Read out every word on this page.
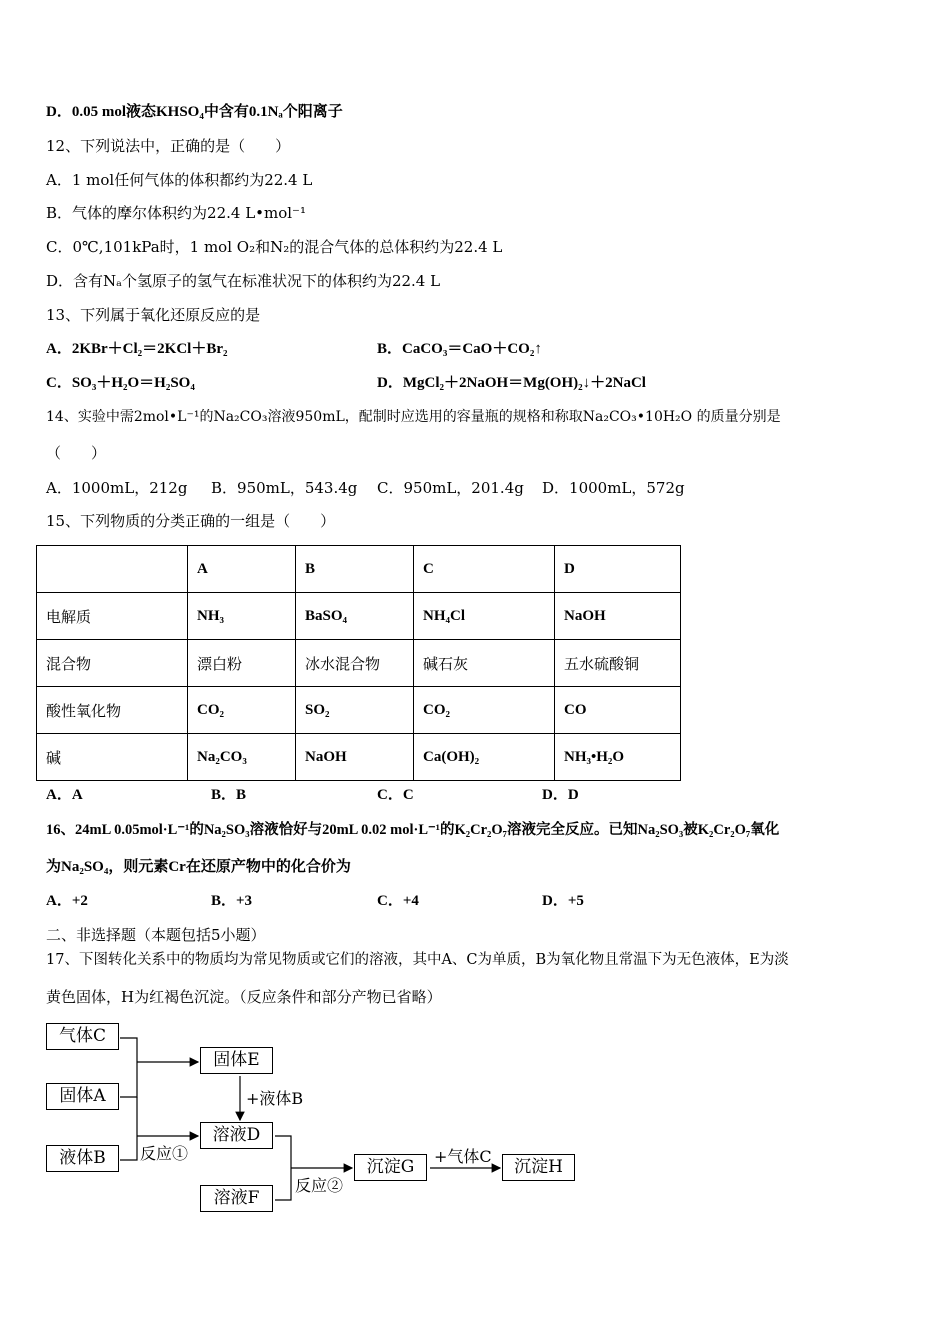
D．0.05 mol液态KHSO₄中含有0.1Nₐ个阳离子
12、下列说法中，正确的是（　　）
A．1 mol任何气体的体积都约为22.4 L
B．气体的摩尔体积约为22.4 L•mol⁻¹
C．0℃,101kPa时，1 mol O₂和N₂的混合气体的总体积约为22.4 L
D．含有Nₐ个氢原子的氢气在标准状况下的体积约为22.4 L
13、下列属于氧化还原反应的是
A．2KBr＋Cl₂＝2KCl＋Br₂	B．CaCO₃＝CaO＋CO₂↑
C．SO₃＋H₂O＝H₂SO₄	D．MgCl₂＋2NaOH＝Mg(OH)₂↓＋2NaCl
14、实验中需2mol•L⁻¹的Na₂CO₃溶液950mL，配制时应选用的容量瓶的规格和称取Na₂CO₃•10H₂O 的质量分别是
（　　）
A．1000mL，212g B．950mL，543.4g C．950mL，201.4g D．1000mL，572g
15、下列物质的分类正确的一组是（　　）
	A	B	C	D
电解质	NH₃	BaSO₄	NH₄Cl	NaOH
混合物	漂白粉	冰水混合物	碱石灰	五水硫酸铜
酸性氧化物	CO₂	SO₂	CO₂	CO
碱	Na₂CO₃	NaOH	Ca(OH)₂	NH₃•H₂O
A．A	B．B	C．C	D．D
16、24mL 0.05mol·L⁻¹的Na₂SO₃溶液恰好与20mL 0.02 mol·L⁻¹的K₂Cr₂O₇溶液完全反应。已知Na₂SO₃被K₂Cr₂O₇氧化
为Na₂SO₄，则元素Cr在还原产物中的化合价为
A．+2	B．+3	C．+4	D．+5
二、非选择题（本题包括5小题）
17、下图转化关系中的物质均为常见物质或它们的溶液，其中A、C为单质，B为氧化物且常温下为无色液体，E为淡
黄色固体，H为红褐色沉淀。（反应条件和部分产物已省略）
气体C
固体A
液体B
固体E
溶液D
溶液F
沉淀G	沉淀H
+液体B
反应①
反应②
+气体C
